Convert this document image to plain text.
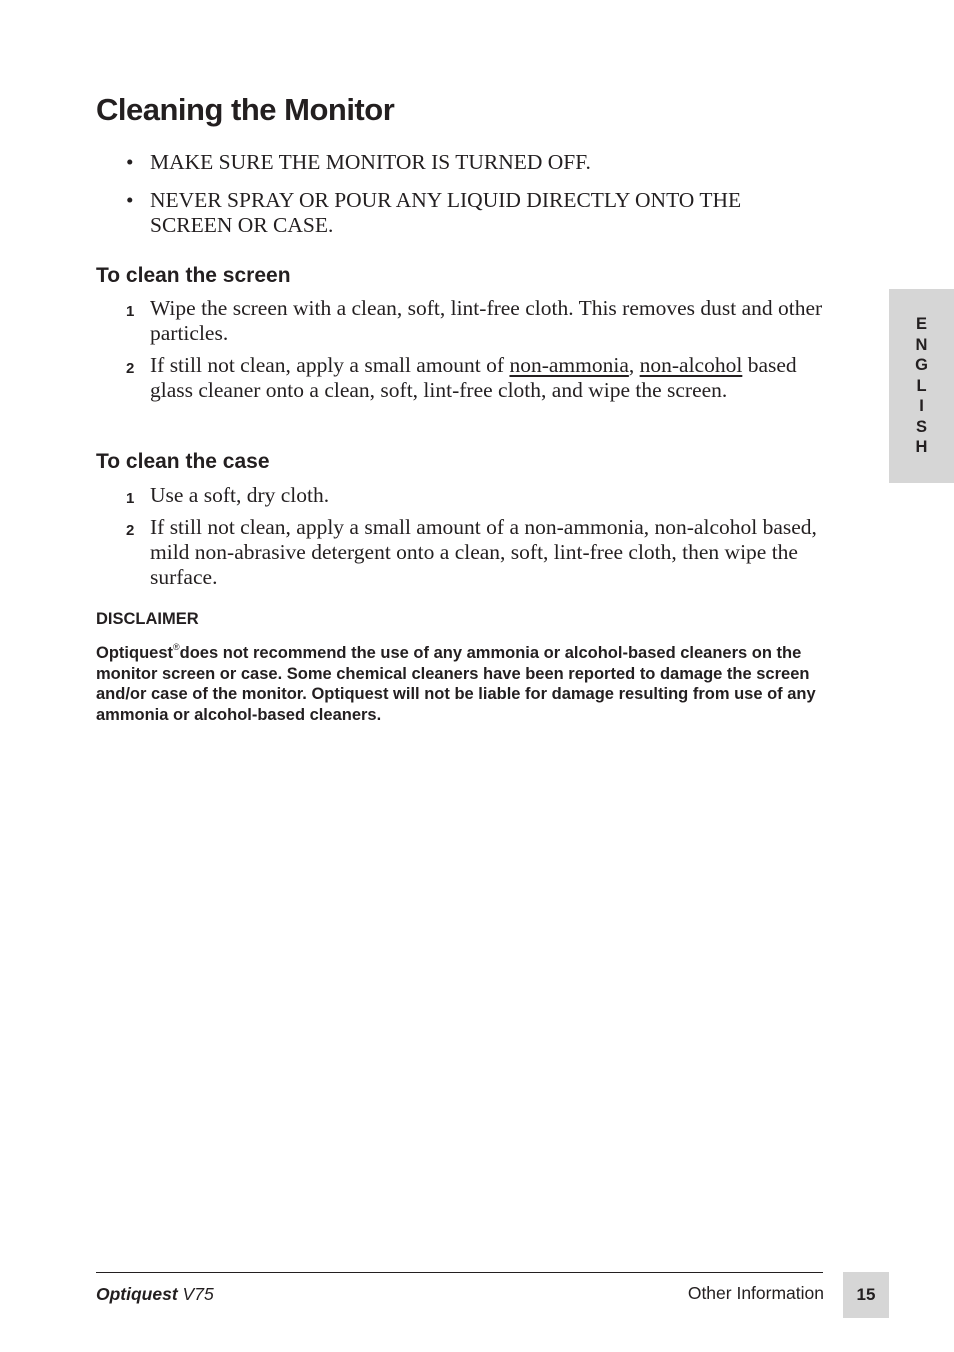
Cleaning the Monitor
• MAKE SURE THE MONITOR IS TURNED OFF.
• NEVER SPRAY OR POUR ANY LIQUID DIRECTLY ONTO THE SCREEN OR CASE.
To clean the screen
1 Wipe the screen with a clean, soft, lint-free cloth. This removes dust and other particles.
2 If still not clean, apply a small amount of non-ammonia, non-alcohol based glass cleaner onto a clean, soft, lint-free cloth, and wipe the screen.
To clean the case
1 Use a soft, dry cloth.
2 If still not clean, apply a small amount of a non-ammonia, non-alcohol based, mild non-abrasive detergent onto a clean, soft, lint-free cloth, then wipe the surface.
DISCLAIMER

Optiquest®does not recommend the use of any ammonia or alcohol-based cleaners on the monitor screen or case. Some chemical cleaners have been reported to damage the screen and/or case of the monitor. Optiquest will not be liable for damage resulting from use of any ammonia or alcohol-based cleaners.

E
N
G
L
I
S
H
Optiquest V75	Other Information	15
